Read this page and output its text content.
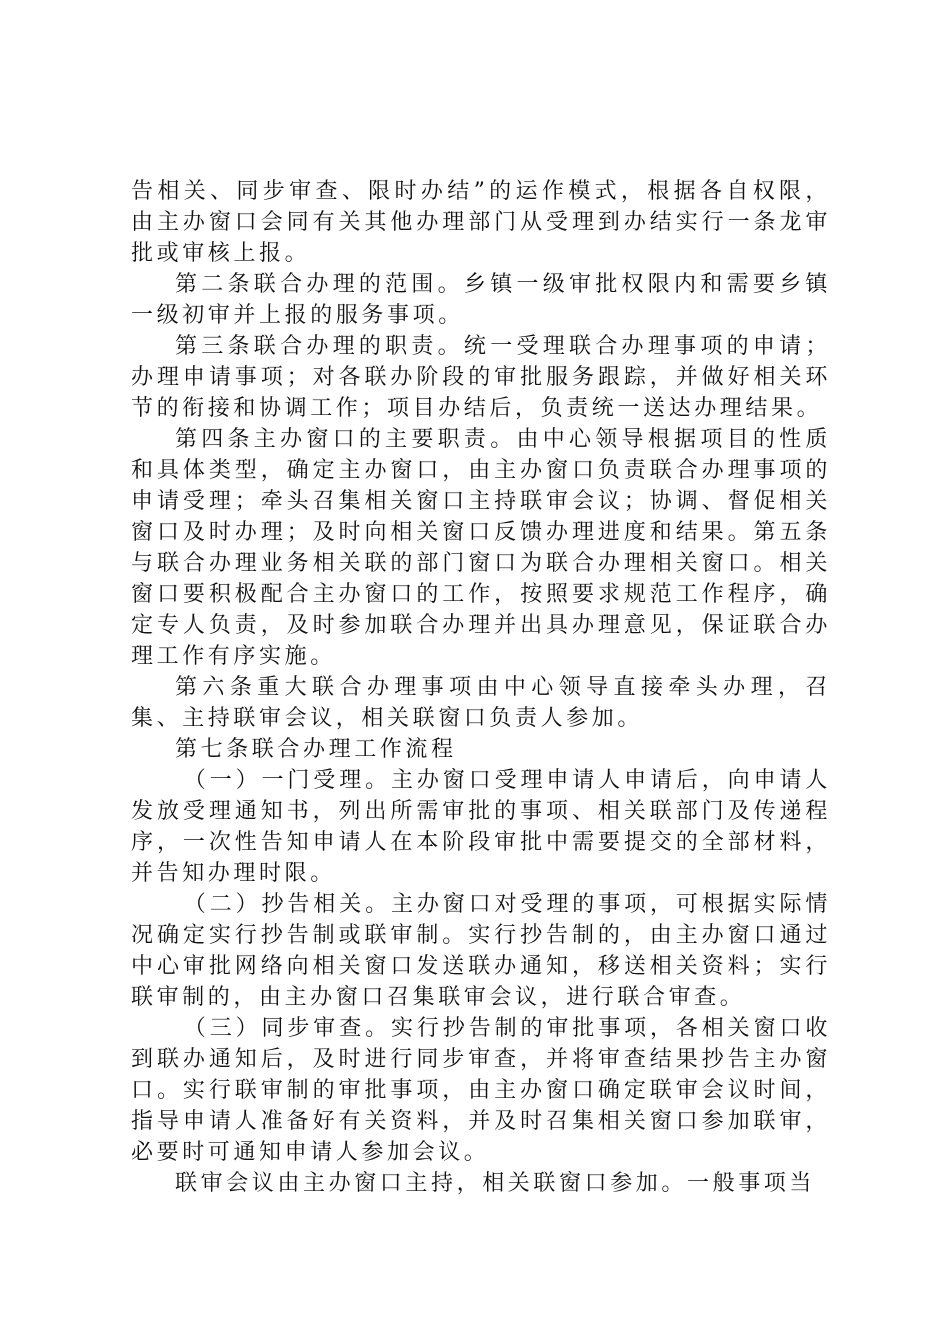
告相关、同步审查、限时办结”的运作模式，根据各自权限，由主办窗口会同有关其他办理部门从受理到办结实行一条龙审批或审核上报。

第二条联合办理的范围。乡镇一级审批权限内和需要乡镇一级初审并上报的服务事项。

第三条联合办理的职责。统一受理联合办理事项的申请；办理申请事项；对各联办阶段的审批服务跟踪，并做好相关环节的衔接和协调工作；项目办结后，负责统一送达办理结果。

第四条主办窗口的主要职责。由中心领导根据项目的性质和具体类型，确定主办窗口，由主办窗口负责联合办理事项的申请受理；牵头召集相关窗口主持联审会议；协调、督促相关窗口及时办理；及时向相关窗口反馈办理进度和结果。第五条与联合办理业务相关联的部门窗口为联合办理相关窗口。相关窗口要积极配合主办窗口的工作，按照要求规范工作程序，确定专人负责，及时参加联合办理并出具办理意见，保证联合办理工作有序实施。

第六条重大联合办理事项由中心领导直接牵头办理，召集、主持联审会议，相关联窗口负责人参加。

第七条联合办理工作流程

（一）一门受理。主办窗口受理申请人申请后，向申请人发放受理通知书，列出所需审批的事项、相关联部门及传递程序，一次性告知申请人在本阶段审批中需要提交的全部材料，并告知办理时限。

（二）抄告相关。主办窗口对受理的事项，可根据实际情况确定实行抄告制或联审制。实行抄告制的，由主办窗口通过中心审批网络向相关窗口发送联办通知，移送相关资料；实行联审制的，由主办窗口召集联审会议，进行联合审查。

（三）同步审查。实行抄告制的审批事项，各相关窗口收到联办通知后，及时进行同步审查，并将审查结果抄告主办窗口。实行联审制的审批事项，由主办窗口确定联审会议时间，指导申请人准备好有关资料，并及时召集相关窗口参加联审，必要时可通知申请人参加会议。

联审会议由主办窗口主持，相关联窗口参加。一般事项当
